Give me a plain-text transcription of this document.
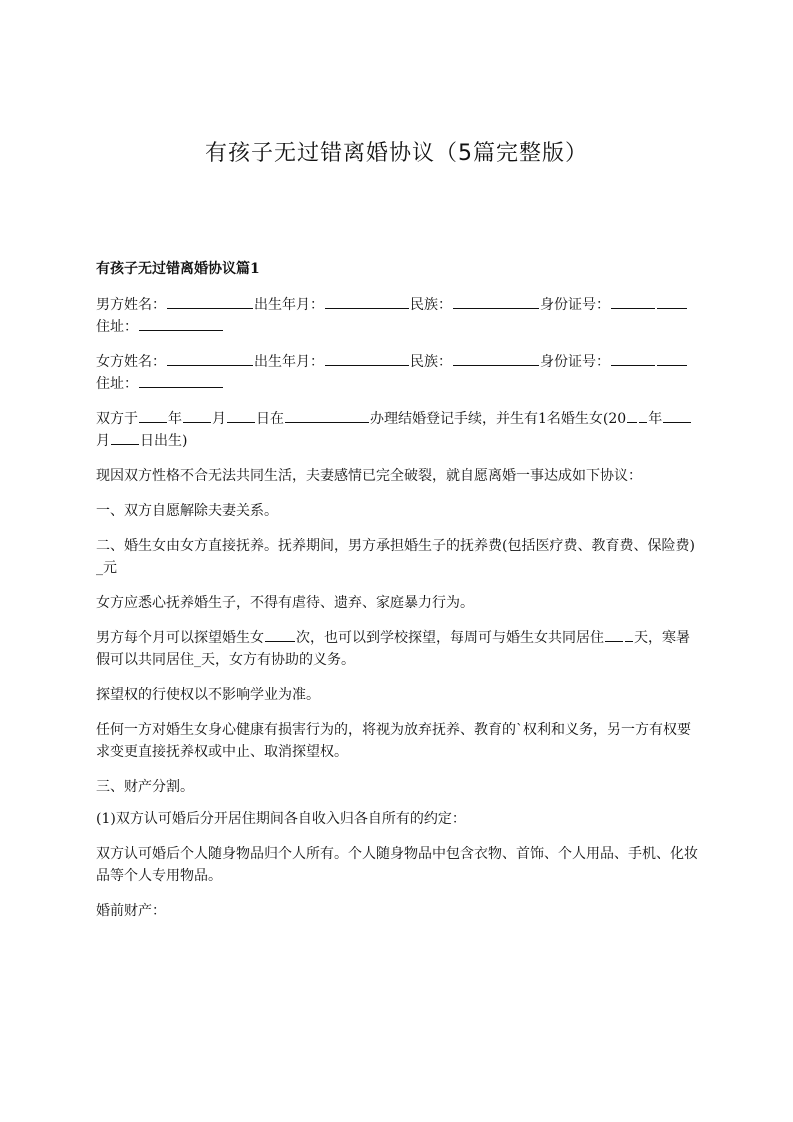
有孩子无过错离婚协议（5篇完整版）
有孩子无过错离婚协议篇1

男方姓名：	出生年月：	民族：	身份证号：住址：

女方姓名：	出生年月：	民族：	身份证号：住址：

双方于 年 月 日在	办理结婚登记手续，并生有1名婚生女(20 年月 日出生)

现因双方性格不合无法共同生活，夫妻感情已完全破裂，就自愿离婚一事达成如下协议：

一、双方自愿解除夫妻关系。

二、婚生女由女方直接抚养。抚养期间，男方承担婚生子的抚养费(包括医疗费、教育费、保险费)_元

女方应悉心抚养婚生子，不得有虐待、遗弃、家庭暴力行为。

男方每个月可以探望婚生女 次，也可以到学校探望，每周可与婚生女共同居住 天，寒暑假可以共同居住_天，女方有协助的义务。

探望权的行使权以不影响学业为准。

任何一方对婚生女身心健康有损害行为的，将视为放弃抚养、教育的`权利和义务，另一方有权要求变更直接抚养权或中止、取消探望权。

三、财产分割。

(1)双方认可婚后分开居住期间各自收入归各自所有的约定：

双方认可婚后个人随身物品归个人所有。个人随身物品中包含衣物、首饰、个人用品、手机、化妆品等个人专用物品。

婚前财产：
